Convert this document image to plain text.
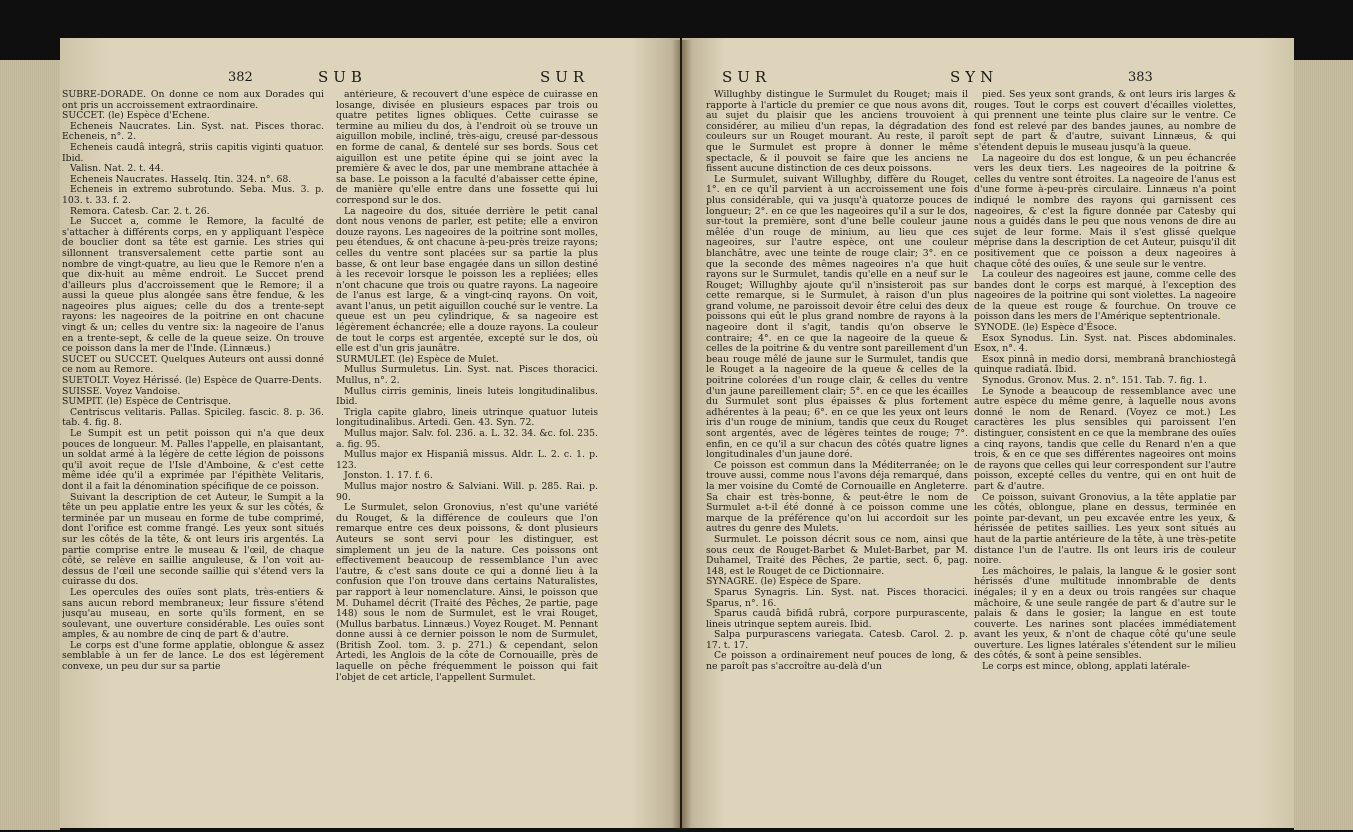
382	SUB	SUR

SUBRE-DORADE. On donne ce nom aux Dorades qui ont pris un accroissement extraordinaire.

SUCCET. (le) Espèce d'Echene.

Echeneis Naucrates. Lin. Syst. nat. Pisces thorac. Echeneis, n°. 2.

Echeneis caudâ integrâ, striis capitis viginti quatuor. Ibid.

Valisn. Nat. 2. t. 44.

Echeneis Naucrates. Hasselq. Itin. 324. n°. 68.

Echeneis in extremo subrotundo. Seba. Mus. 3. p. 103. t. 33. f. 2.

Remora. Catesb. Car. 2. t. 26.

Le Succet a, comme le Remore, la faculté de s'attacher à différents corps, en y appliquant l'espèce de bouclier dont sa tête est garnie. Les stries qui sillonnent transversalement cette partie sont au nombre de vingt-quatre, au lieu que le Remore n'en a que dix-huit au même endroit. Le Succet prend d'ailleurs plus d'accroissement que le Remore; il a aussi la queue plus alongée sans être fendue, & les nageoires plus aigues; celle du dos a trente-sept rayons: les nageoires de la poitrine en ont chacune vingt & un; celles du ventre six: la nageoire de l'anus en a trente-sept, & celle de la queue seize. On trouve ce poisson dans la mer de l'Inde. (Linnæus.)

SUCET ou SUCCET. Quelques Auteurs ont aussi donné ce nom au Remore.

SUETOLT. Voyez Hérissé. (le) Espèce de Quarre-Dents.

SUISSE. Voyez Vandoise.

SUMPIT. (le) Espèce de Centrisque.

Centriscus velitaris. Pallas. Spicileg. fascic. 8. p. 36. tab. 4. fig. 8.

Le Sumpit est un petit poisson qui n'a que deux pouces de longueur. M. Palles l'appelle, en plaisantant, un soldat armé à la légère de cette légion de poissons qu'il avoit reçue de l'Isle d'Amboine, & c'est cette même idée qu'il a exprimée par l'épithète Velitaris, dont il a fait la dénomination spécifique de ce poisson.

Suivant la description de cet Auteur, le Sumpit a la tête un peu applatie entre les yeux & sur les côtés, & terminée par un museau en forme de tube comprimé, dont l'orifice est comme frangé. Les yeux sont situés sur les côtés de la tête, & ont leurs iris argentés. La partie comprise entre le museau & l'œil, de chaque côté, se relève en saillie anguleuse, & l'on voit au-dessus de l'œil une seconde saillie qui s'étend vers la cuirasse du dos.

Les opercules des ouïes sont plats, très-entiers & sans aucun rebord membraneux; leur fissure s'étend jusqu'au museau, en sorte qu'ils forment, en se soulevant, une ouverture considérable. Les ouïes sont amples, & au nombre de cinq de part & d'autre.

Le corps est d'une forme applatie, oblongue & assez semblable à un fer de lance. Le dos est légèrement convexe, un peu dur sur sa partie

antérieure, & recouvert d'une espèce de cuirasse en losange, divisée en plusieurs espaces par trois ou quatre petites lignes obliques. Cette cuirasse se termine au milieu du dos, à l'endroit où se trouve un aiguillon mobile, incliné, très-aigu, creusé par-dessous en forme de canal, & dentelé sur ses bords. Sous cet aiguillon est une petite épine qui se joint avec la première & avec le dos, par une membrane attachée à sa base. Le poisson a la faculté d'abaisser cette épine, de manière qu'elle entre dans une fossette qui lui correspond sur le dos.

La nageoire du dos, située derrière le petit canal dont nous venons de parler, est petite; elle a environ douze rayons. Les nageoires de la poitrine sont molles, peu étendues, & ont chacune à-peu-près treize rayons; celles du ventre sont placées sur sa partie la plus basse, & ont leur base engagée dans un sillon destiné à les recevoir lorsque le poisson les a repliées; elles n'ont chacune que trois ou quatre rayons. La nageoire de l'anus est large, & a vingt-cinq rayons. On voit, avant l'anus, un petit aiguillon couché sur le ventre. La queue est un peu cylindrique, & sa nageoire est légèrement échancrée; elle a douze rayons. La couleur de tout le corps est argentée, excepté sur le dos, où elle est d'un gris jaunâtre.

SURMULET. (le) Espèce de Mulet.

Mullus Surmuletus. Lin. Syst. nat. Pisces thoracici. Mullus, n°. 2.

Mullus cirris geminis, lineis luteis longitudinalibus. Ibid.

Trigla capite glabro, lineis utrinque quatuor luteis longitudinalibus. Artedi. Gen. 43. Syn. 72.

Mullus major. Salv. fol. 236. a. L. 32. 34. &c. fol. 235. a. fig. 95.

Mullus major ex Hispaniâ missus. Aldr. L. 2. c. 1. p. 123.

Jonston. 1. 17. f. 6.

Mullus major nostro & Salviani. Will. p. 285. Rai. p. 90.

Le Surmulet, selon Gronovius, n'est qu'une variété du Rouget, & la différence de couleurs que l'on remarque entre ces deux poissons, & dont plusieurs Auteurs se sont servi pour les distinguer, est simplement un jeu de la nature. Ces poissons ont effectivement beaucoup de ressemblance l'un avec l'autre, & c'est sans doute ce qui a donné lieu à la confusion que l'on trouve dans certains Naturalistes, par rapport à leur nomenclature. Ainsi, le poisson que M. Duhamel décrit (Traité des Pêches, 2e partie, page 148) sous le nom de Surmulet, est le vrai Rouget, (Mullus barbatus. Linnæus.) Voyez Rouget. M. Pennant donne aussi à ce dernier poisson le nom de Surmulet, (British Zool. tom. 3. p. 271.) & cependant, selon Artedi, les Anglois de la côte de Cornouaille, près de laquelle on pêche fréquemment le poisson qui fait l'objet de cet article, l'appellent Surmulet.

SUR	SYN	383

Willughby distingue le Surmulet du Rouget; mais il rapporte à l'article du premier ce que nous avons dit, au sujet du plaisir que les anciens trouvoient à considérer, au milieu d'un repas, la dégradation des couleurs sur un Rouget mourant. Au reste, il paroît que le Surmulet est propre à donner le même spectacle, & il pouvoit se faire que les anciens ne fissent aucune distinction de ces deux poissons.

Le Surmulet, suivant Willughby, diffère du Rouget, 1°. en ce qu'il parvient à un accroissement une fois plus considérable, qui va jusqu'à quatorze pouces de longueur; 2°. en ce que les nageoires qu'il a sur le dos, sur-tout la première, sont d'une belle couleur jaune mêlée d'un rouge de minium, au lieu que ces nageoires, sur l'autre espèce, ont une couleur blanchâtre, avec une teinte de rouge clair; 3°. en ce que la seconde des mêmes nageoires n'a que huit rayons sur le Surmulet, tandis qu'elle en a neuf sur le Rouget; Willughby ajoute qu'il n'insisteroit pas sur cette remarque, si le Surmulet, à raison d'un plus grand volume, ne paroissoit devoir être celui des deux poissons qui eût le plus grand nombre de rayons à la nageoire dont il s'agit, tandis qu'on observe le contraire; 4°. en ce que la nageoire de la queue & celles de la poitrine & du ventre sont pareillement d'un beau rouge mêlé de jaune sur le Surmulet, tandis que le Rouget a la nageoire de la queue & celles de la poitrine colorées d'un rouge clair, & celles du ventre d'un jaune pareillement clair; 5°. en ce que les écailles du Surmulet sont plus épaisses & plus fortement adhérentes à la peau; 6°. en ce que les yeux ont leurs iris d'un rouge de minium, tandis que ceux du Rouget sont argentés, avec de légères teintes de rouge; 7°. enfin, en ce qu'il a sur chacun des côtés quatre lignes longitudinales d'un jaune doré.

Ce poisson est commun dans la Méditerranée; on le trouve aussi, comme nous l'avons déja remarqué, dans la mer voisine du Comté de Cornouaille en Angleterre. Sa chair est très-bonne, & peut-être le nom de Surmulet a-t-il été donné à ce poisson comme une marque de la préférence qu'on lui accordoit sur les autres du genre des Mulets.

Surmulet. Le poisson décrit sous ce nom, ainsi que sous ceux de Rouget-Barbet & Mulet-Barbet, par M. Duhamel, Traité des Pêches, 2e partie, sect. 6, pag. 148, est le Rouget de ce Dictionnaire.

SYNAGRE. (le) Espèce de Spare.

Sparus Synagris. Lin. Syst. nat. Pisces thoracici. Sparus, n°. 16.

Sparus caudâ bifidâ rubrâ, corpore purpurascente, lineis utrinque septem aureis. Ibid.

Salpa purpurascens variegata. Catesb. Carol. 2. p. 17. t. 17.

Ce poisson a ordinairement neuf pouces de long, & ne paroît pas s'accroître au-delà d'un

pied. Ses yeux sont grands, & ont leurs iris larges & rouges. Tout le corps est couvert d'écailles violettes, qui prennent une teinte plus claire sur le ventre. Ce fond est relevé par des bandes jaunes, au nombre de sept de part & d'autre, suivant Linnæus, & qui s'étendent depuis le museau jusqu'à la queue.

La nageoire du dos est longue, & un peu échancrée vers les deux tiers. Les nageoires de la poitrine & celles du ventre sont étroites. La nageoire de l'anus est d'une forme à-peu-près circulaire. Linnæus n'a point indiqué le nombre des rayons qui garnissent ces nageoires, & c'est la figure donnée par Catesby qui nous a guidés dans le peu que nous venons de dire au sujet de leur forme. Mais il s'est glissé quelque méprise dans la description de cet Auteur, puisqu'il dit positivement que ce poisson a deux nageoires à chaque côté des ouïes, & une seule sur le ventre.

La couleur des nageoires est jaune, comme celle des bandes dont le corps est marqué, à l'exception des nageoires de la poitrine qui sont violettes. La nageoire de la queue est rouge & fourchue. On trouve ce poisson dans les mers de l'Amérique septentrionale.

SYNODE. (le) Espèce d'Ésoce.

Esox Synodus. Lin. Syst. nat. Pisces abdominales. Esox, n°. 4.

Esox pinnâ in medio dorsi, membranâ branchiostegâ quinque radiatâ. Ibid.

Synodus. Gronov. Mus. 2. n°. 151. Tab. 7. fig. 1.

Le Synode a beaucoup de ressemblance avec une autre espèce du même genre, à laquelle nous avons donné le nom de Renard. (Voyez ce mot.) Les caractères les plus sensibles qui paroissent l'en distinguer, consistent en ce que la membrane des ouïes a cinq rayons, tandis que celle du Renard n'en a que trois, & en ce que ses différentes nageoires ont moins de rayons que celles qui leur correspondent sur l'autre poisson, excepté celles du ventre, qui en ont huit de part & d'autre.

Ce poisson, suivant Gronovius, a la tête applatie par les côtés, oblongue, plane en dessus, terminée en pointe par-devant, un peu excavée entre les yeux, & hérissée de petites saillies. Les yeux sont situés au haut de la partie antérieure de la tête, à une très-petite distance l'un de l'autre. Ils ont leurs iris de couleur noire.

Les mâchoires, le palais, la langue & le gosier sont hérissés d'une multitude innombrable de dents inégales; il y en a deux ou trois rangées sur chaque mâchoire, & une seule rangée de part & d'autre sur le palais & dans le gosier; la langue en est toute couverte. Les narines sont placées immédiatement avant les yeux, & n'ont de chaque côté qu'une seule ouverture. Les lignes latérales s'étendent sur le milieu des côtés, & sont à peine sensibles.

Le corps est mince, oblong, applati latérale-
